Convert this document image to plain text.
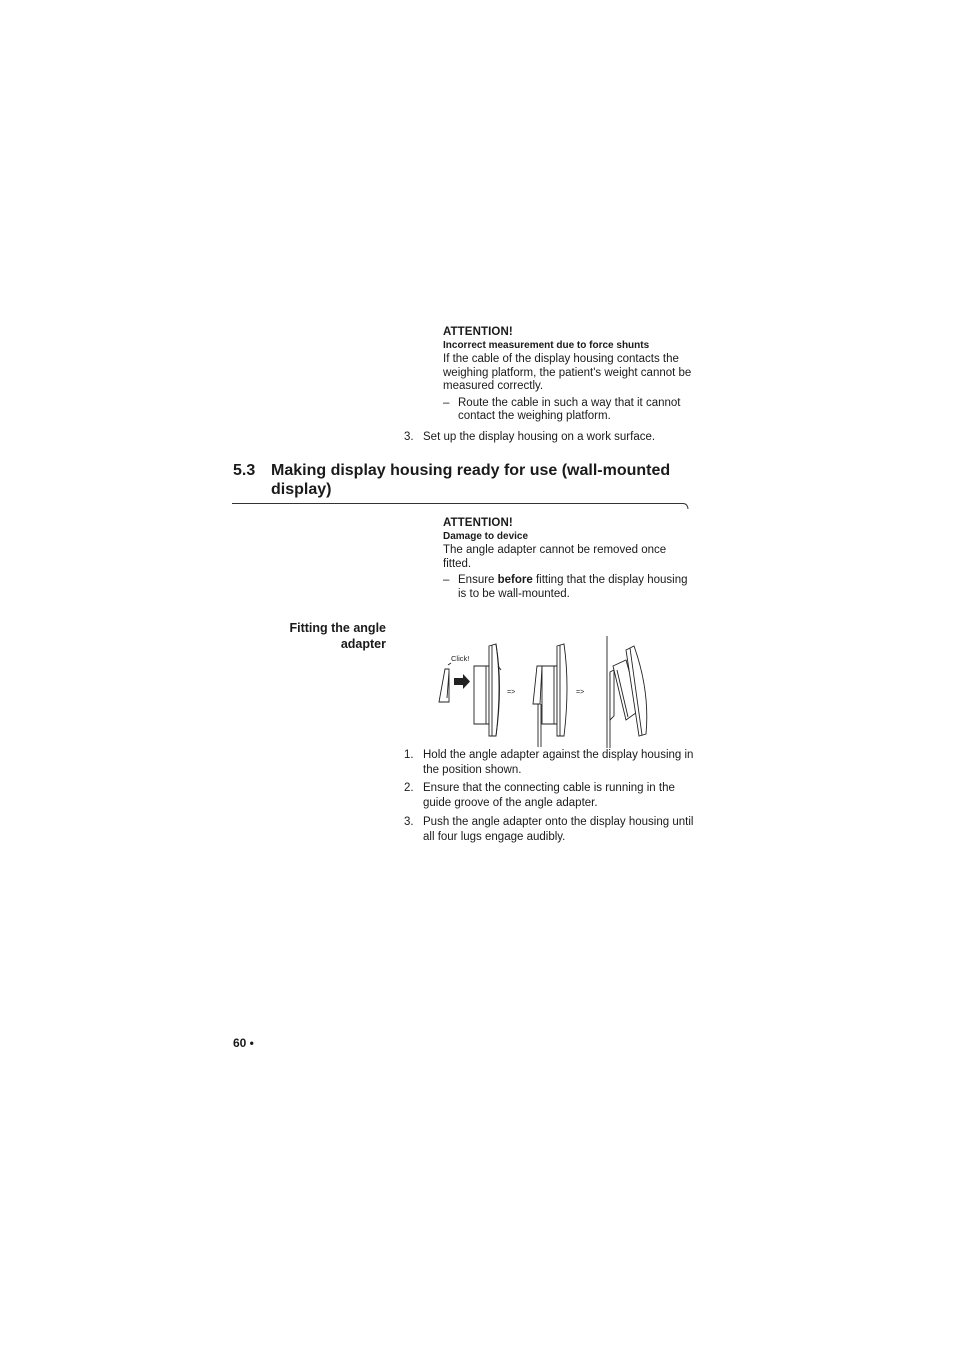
ATTENTION!
Incorrect measurement due to force shunts
If the cable of the display housing contacts the weighing platform, the patient's weight cannot be measured correctly.
– Route the cable in such a way that it cannot contact the weighing platform.
3. Set up the display housing on a work surface.
5.3 Making display housing ready for use (wall-mounted display)
ATTENTION!
Damage to device
The angle adapter cannot be removed once fitted.
– Ensure before fitting that the display housing is to be wall-mounted.
Fitting the angle adapter
Click!
=>	=>
1. Hold the angle adapter against the display housing in the position shown.
2. Ensure that the connecting cable is running in the guide groove of the angle adapter.
3. Push the angle adapter onto the display housing until all four lugs engage audibly.
60 •
